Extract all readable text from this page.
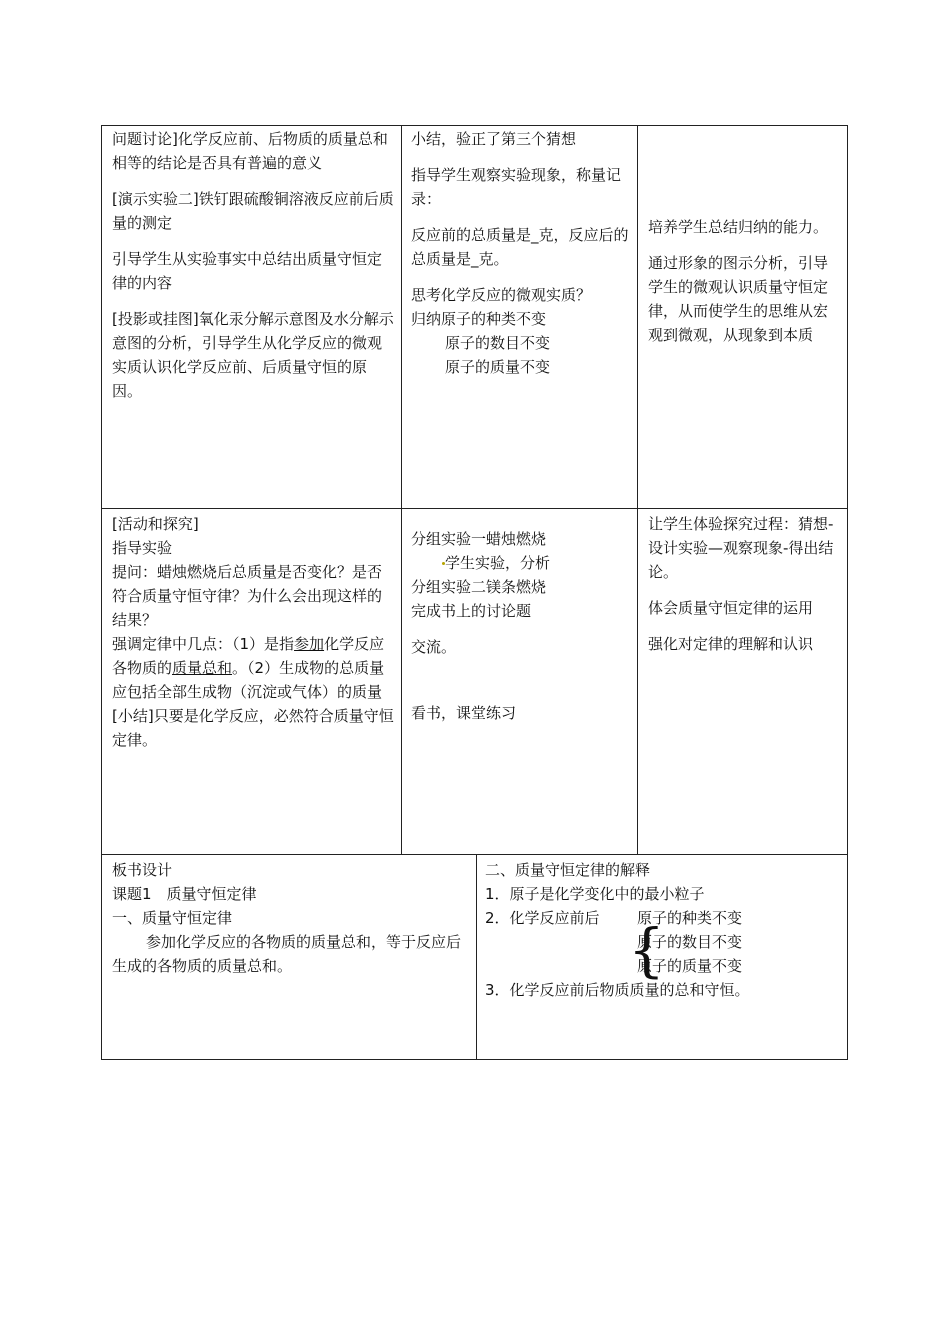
问题讨论]化学反应前、后物质的质量总和相等的结论是否具有普遍的意义

[演示实验二]铁钉跟硫酸铜溶液反应前后质量的测定

引导学生从实验事实中总结出质量守恒定律的内容

[投影或挂图]氧化汞分解示意图及水分解示意图的分析，引导学生从化学反应的微观实质认识化学反应前、后质量守恒的原因。

小结，验正了第三个猜想

指导学生观察实验现象，称量记录：

反应前的总质量是_克，反应后的总质量是_克。

思考化学反应的微观实质？

归纳原子的种类不变

原子的数目不变

原子的质量不变

培养学生总结归纳的能力。

通过形象的图示分析，引导学生的微观认识质量守恒定律，从而使学生的思维从宏观到微观，从现象到本质

[活动和探究]

指导实验

提问：蜡烛燃烧后总质量是否变化？是否符合质量守恒守律？为什么会出现这样的结果？

强调定律中几点：（1）是指参加化学反应各物质的质量总和。（2）生成物的总质量应包括全部生成物（沉淀或气体）的质量

[小结]只要是化学反应，必然符合质量守恒定律。

分组实验一蜡烛燃烧

学生实验，分析

分组实验二镁条燃烧

完成书上的讨论题

交流。

看书，课堂练习

让学生体验探究过程：猜想-设计实验—观察现象-得出结论。

体会质量守恒定律的运用

强化对定律的理解和认识

板书设计

课题1　质量守恒定律

一、质量守恒定律

参加化学反应的各物质的质量总和，等于反应后生成的各物质的质量总和。

二、质量守恒定律的解释

1．原子是化学变化中的最小粒子

2．化学反应前后

3．化学反应前后物质质量的总和守恒。

原子的种类不变

原子的数目不变

原子的质量不变

{
